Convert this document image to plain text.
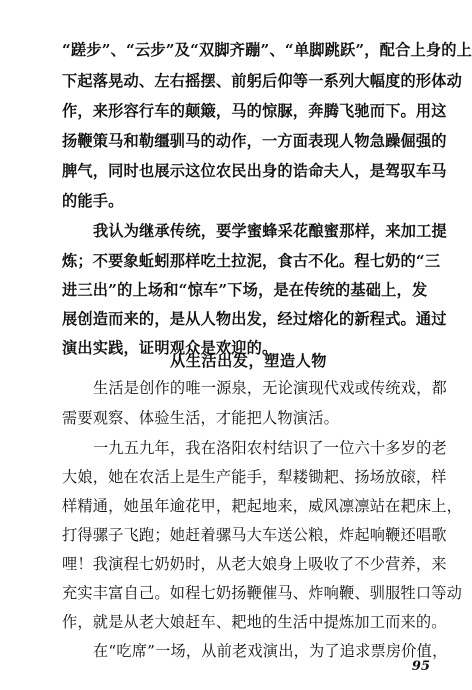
“蹉步”、“云步”及“双脚齐蹦”、“单脚跳跃”，配合上身的上
下起落晃动、左右摇摆、前躬后仰等一系列大幅度的形体动
作，来形容行车的颠簸，马的惊脲，奔腾飞驰而下。用这
扬鞭策马和勒缰驯马的动作，一方面表现人物急躁倔强的
脾气，同时也展示这位农民出身的诰命夫人，是驾驭车马
的能手。
我认为继承传统，要学蜜蜂采花酿蜜那样，来加工提
炼；不要象蚯蚓那样吃土拉泥，食古不化。程七奶的“三
进三出”的上场和“惊车”下场，是在传统的基础上，发
展创造而来的，是从人物出发，经过熔化的新程式。通过
演出实践，证明观众是欢迎的。
从生活出发，塑造人物
生活是创作的唯一源泉，无论演现代戏或传统戏，都
需要观察、体验生活，才能把人物演活。
一九五九年，我在洛阳农村结识了一位六十多岁的老
大娘，她在农活上是生产能手，犁耧锄耙、扬场放磙，样
样精通，她虽年逾花甲，耙起地来，威风凛凛站在耙床上，
打得骡子飞跑；她赶着骡马大车送公粮，炸起响鞭还唱歌
哩！我演程七奶奶时，从老大娘身上吸收了不少营养，来
充实丰富自己。如程七奶扬鞭催马、炸响鞭、驯服牲口等动
作，就是从老大娘赶车、耙地的生活中提炼加工而来的。
在“吃席”一场，从前老戏演出，为了追求票房价值，
95
